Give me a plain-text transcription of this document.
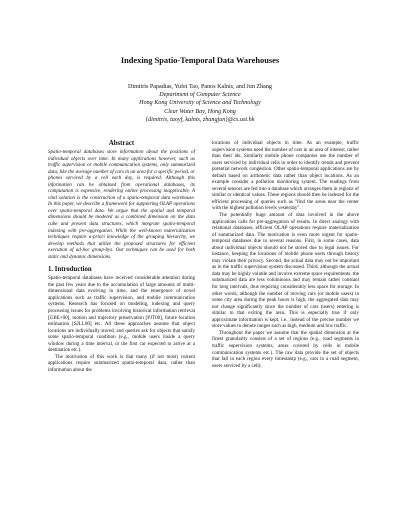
Indexing Spatio-Temporal Data Warehouses
Dimitris Papadias, Yufei Tao, Panos Kalnis, and Jun Zhang
Department of Computer Science
Hong Kong University of Science and Technology
Clear Water Bay, Hong Kong
{dimitris, taoyf, kalnis, zhangjun}@cs.ust.hk
Abstract

Spatio-temporal databases store information about the positions of individual objects over time. In many applications however, such as traffic supervision or mobile communication systems, only summarized data, like the average number of cars in an area for a specific period, or phones serviced by a cell each day, is required. Although this information can be obtained from operational databases, its computation is expensive, rendering online processing inapplicable. A vital solution is the construction of a spatio-temporal data warehouse. In this paper, we describe a framework for supporting OLAP operations over spatio-temporal data. We argue that the spatial and temporal dimensions should be modeled as a combined dimension on the data cube and present data structures, which integrate spatio-temporal indexing with pre-aggregation. While the well-known materialization techniques require a-priori knowledge of the grouping hierarchy, we develop methods that utilize the proposed structures for efficient execution of ad-hoc group-bys. Our techniques can be used for both static and dynamic dimensions.

1. Introduction

Spatio-temporal databases have received considerable attention during the past few years due to the accumulation of large amounts of multi-dimensional data evolving in time, and the emergence of novel applications such as traffic supervision, and mobile communication systems. Research has focused on modeling, indexing and query processing issues for problems involving historical information retrieval [GBE+00], motion and trajectory preservation [PJT00], future location estimation [SJLL00] etc. All these approaches assume that object locations are individually stored, and queries ask for objects that satisfy some spatio-temporal condition (e.g., mobile users inside a query window during a time interval, or the first car expected to arrive at a destination etc.).

The motivation of this work is that many (if not most) current applications require summarized spatio-temporal data, rather than information about the

locations of individual objects in time. As an example, traffic supervision systems need the number of cars in an area of interest, rather than their ids. Similarly mobile phone companies use the number of users serviced by individual cells in order to identify trends and prevent potential network congestion. Other spatio-temporal applications are by default based on arithmetic data rather than object locations. As an example consider a pollution monitoring system. The readings from several sensors are fed into a database which arranges them in regions of similar or identical values. These regions should then be indexed for the efficient processing of queries such as "find the areas near the center with the highest pollution levels yesterday".

The potentially huge amount of data involved in the above applications calls for pre-aggregation of results. In direct analogy with relational databases, efficient OLAP operations require materialization of summarized data. The motivation is even more urgent for spatio-temporal databases due to several reasons. First, in some cases, data about individual objects should not be stored due to legal issues. For instance, keeping the locations of mobile phone users through history may violate their privacy. Second, the actual data may not be important as in the traffic supervision system discussed. Third, although the actual data may be highly volatile and involve extreme space requirements, the summarized data are less voluminous and may remain rather constant for long intervals, thus requiring considerably less space for storage. In other words, although the number of moving cars (or mobile users) in some city area during the peak hours is high, the aggregated data may not change significantly since the number of cars (users) entering is similar to that exiting the area. This is especially true if only approximate information is kept, i.e., instead of the precise number we store values to denote ranges such as high, medium and low traffic.

Throughout the paper we assume that the spatial dimension at the finest granularity consists of a set of regions (e.g., road segments in traffic supervision systems, areas covered by cells in mobile communication systems etc.). The raw data provide the set of objects that fall in each region every timestamp (e.g., cars in a road segment, users serviced by a cell).
